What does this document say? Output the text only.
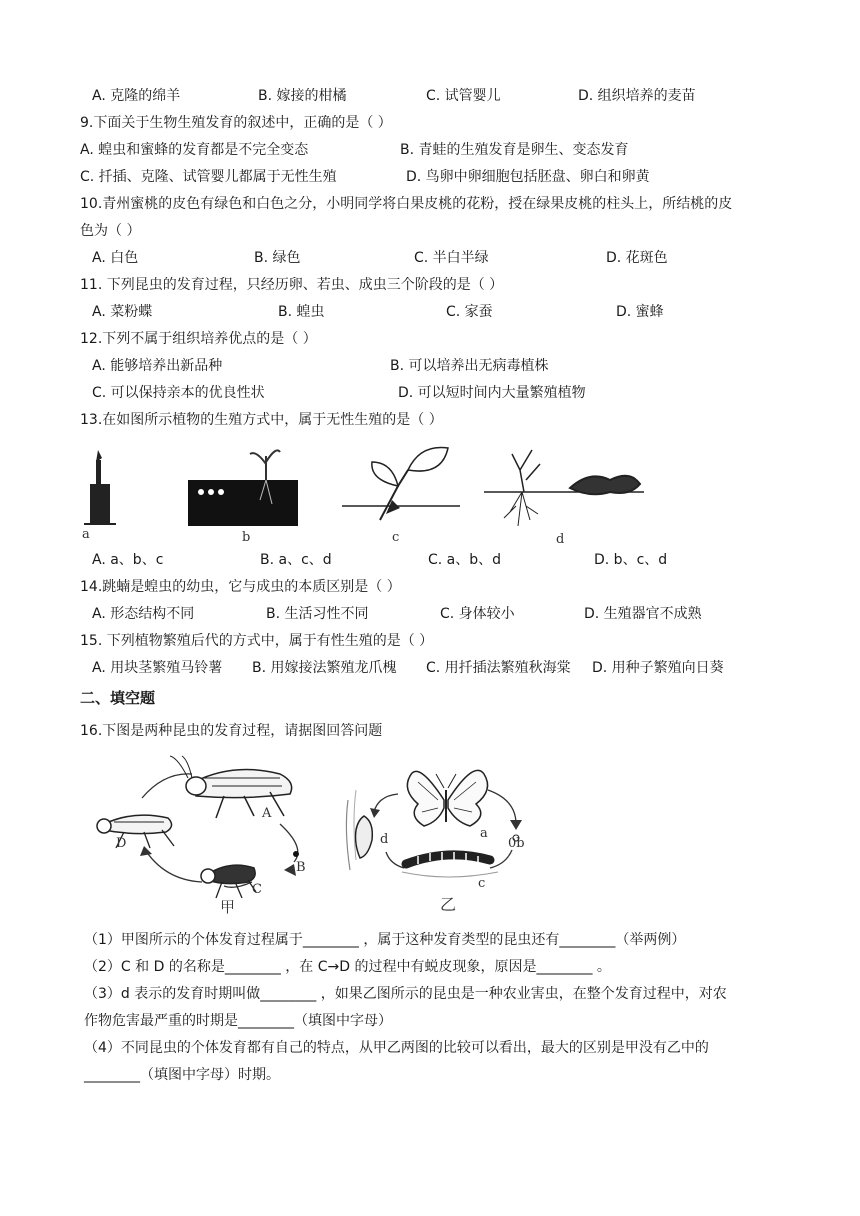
A. 克隆的绵羊	B. 嫁接的柑橘	C. 试管婴儿	D. 组织培养的麦苗
9.下面关于生物生殖发育的叙述中，正确的是（ ）
A. 蝗虫和蜜蜂的发育都是不完全变态	B. 青蛙的生殖发育是卵生、变态发育
C. 扦插、克隆、试管婴儿都属于无性生殖	D. 鸟卵中卵细胞包括胚盘、卵白和卵黄
10.青州蜜桃的皮色有绿色和白色之分，小明同学将白果皮桃的花粉，授在绿果皮桃的柱头上，所结桃的皮
色为（ ）
A. 白色	B. 绿色	C. 半白半绿	D. 花斑色
11. 下列昆虫的发育过程，只经历卵、若虫、成虫三个阶段的是（ ）
A. 菜粉蝶	B. 蝗虫	C. 家蚕	D. 蜜蜂
12.下列不属于组织培养优点的是（ ）
A. 能够培养出新品种	B. 可以培养出无病毒植株
C. 可以保持亲本的优良性状	D. 可以短时间内大量繁殖植物
13.在如图所示植物的生殖方式中，属于无性生殖的是（ ）
a	b	c	d
A. a、b、c	B. a、c、d	C. a、b、d	D. b、c、d
14.跳蝻是蝗虫的幼虫，它与成虫的本质区别是（ ）
A. 形态结构不同	B. 生活习性不同	C. 身体较小	D. 生殖器官不成熟
15. 下列植物繁殖后代的方式中，属于有性生殖的是（ ）
A. 用块茎繁殖马铃薯 B. 用嫁接法繁殖龙爪槐 C. 用扦插法繁殖秋海棠 D. 用种子繁殖向日葵
二、填空题
16.下图是两种昆虫的发育过程，请据图回答问题
A
B
C
D
甲
a
0b
c
d
乙
（1）甲图所示的个体发育过程属于________ ，属于这种发育类型的昆虫还有________（举两例）
（2）C 和 D 的名称是________ ，在 C→D 的过程中有蜕皮现象，原因是________ 。
（3）d 表示的发育时期叫做________ ，如果乙图所示的昆虫是一种农业害虫，在整个发育过程中，对农
作物危害最严重的时期是________（填图中字母）
（4）不同昆虫的个体发育都有自己的特点，从甲乙两图的比较可以看出，最大的区别是甲没有乙中的
________（填图中字母）时期。
